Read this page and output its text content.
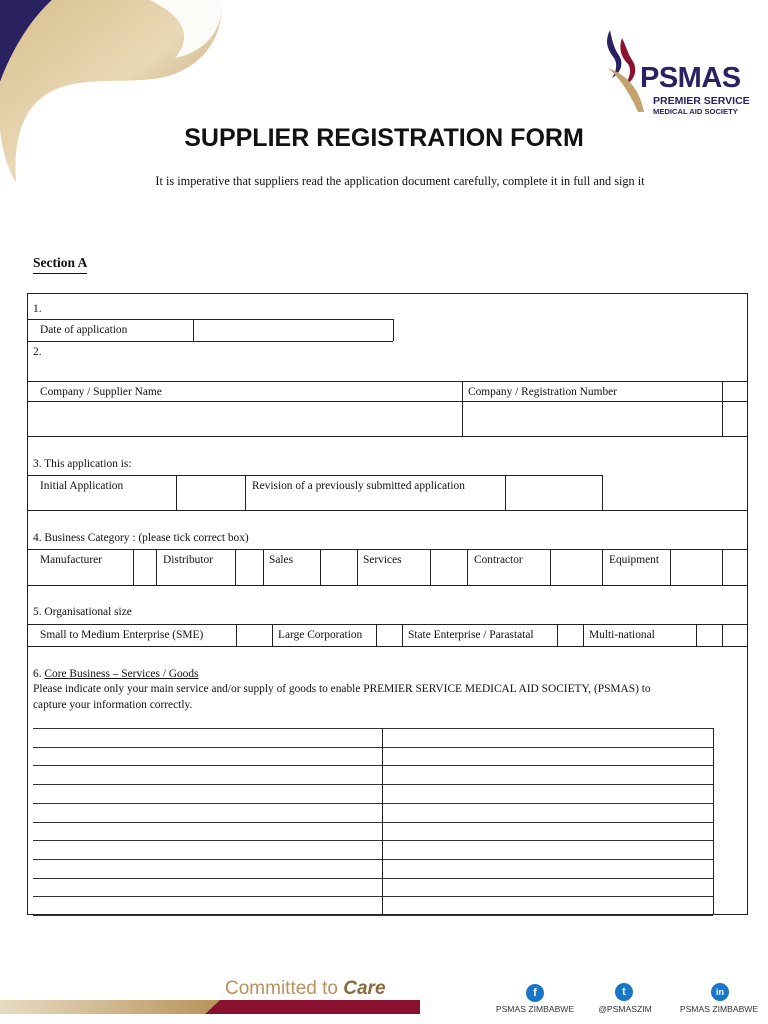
PSMAS
PREMIER SERVICE
MEDICAL AID SOCIETY
SUPPLIER REGISTRATION FORM
It is imperative that suppliers read the application document carefully, complete it in full and sign it
Section A
1.
Date of application
2.
Company / Supplier Name	Company / Registration Number
3. This application is:
Initial Application	Revision of a previously submitted application
4. Business Category : (please tick correct box)
Manufacturer	Distributor	Sales	Services	Contractor	Equipment
5. Organisational size
Small to Medium Enterprise (SME)	Large Corporation	State Enterprise / Parastatal	Multi-national
6. Core Business – Services / Goods
Please indicate only your main service and/or supply of goods to enable PREMIER SERVICE MEDICAL AID SOCIETY, (PSMAS) to
capture your information correctly.
Committed to Care	f
PSMAS ZIMBABWE
t
@PSMASZIM
in
PSMAS ZIMBABWE
